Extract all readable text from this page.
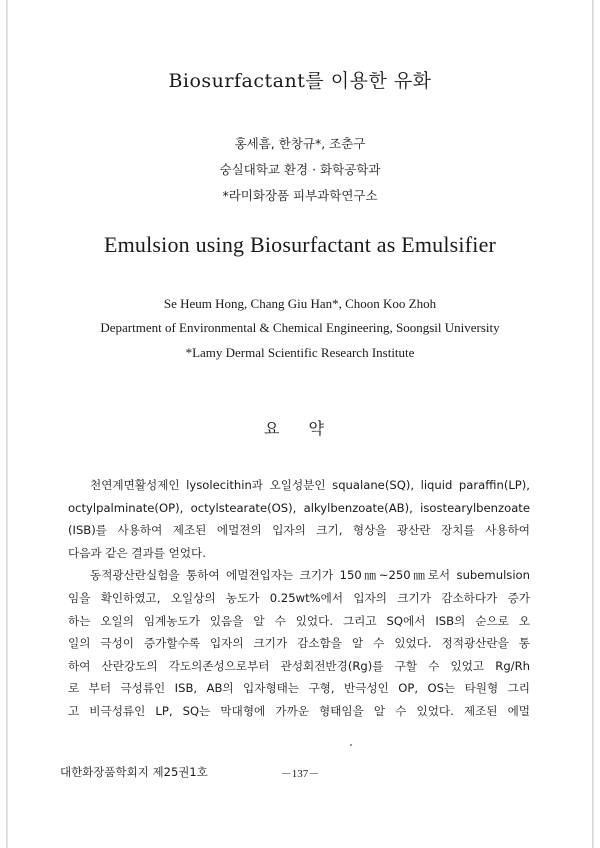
Biosurfactant를 이용한 유화
홍세흠, 한창규*, 조춘구
숭실대학교 환경 · 화학공학과
*라미화장품 피부과학연구소
Emulsion using Biosurfactant as Emulsifier
Se Heum Hong, Chang Giu Han*, Choon Koo Zhoh
Department of Environmental & Chemical Engineering, Soongsil University
*Lamy Dermal Scientific Research Institute
요 약
천연계면활성제인 lysolecithin과 오일성분인 squalane(SQ), liquid paraffin(LP),
octylpalminate(OP), octylstearate(OS), alkylbenzoate(AB), isostearylbenzoate
(ISB)를 사용하여 제조된 에멀젼의 입자의 크기, 형상을 광산란 장치를 사용하여
다음과 같은 결과를 얻었다.
동적광산란실험을 통하여 에멀젼입자는 크기가 150㎚~250㎚로서 subemulsion
임을 확인하였고, 오일상의 농도가 0.25wt%에서 입자의 크기가 감소하다가 증가
하는 오일의 임계농도가 있음을 알 수 있었다. 그리고 SQ에서 ISB의 순으로 오
일의 극성이 증가할수록 입자의 크기가 감소함을 알 수 있었다. 정적광산란을 통
하여 산란강도의 각도의존성으로부터 관성회전반경(Rg)를 구할 수 있었고 Rg/Rh
로 부터 극성류인 ISB, AB의 입자형태는 구형, 반극성인 OP, OS는 타원형 그리
고 비극성류인 LP, SQ는 막대형에 가까운 형태임을 알 수 있었다. 제조된 에멀
대한화장품학회지 제25권1호	－137－
